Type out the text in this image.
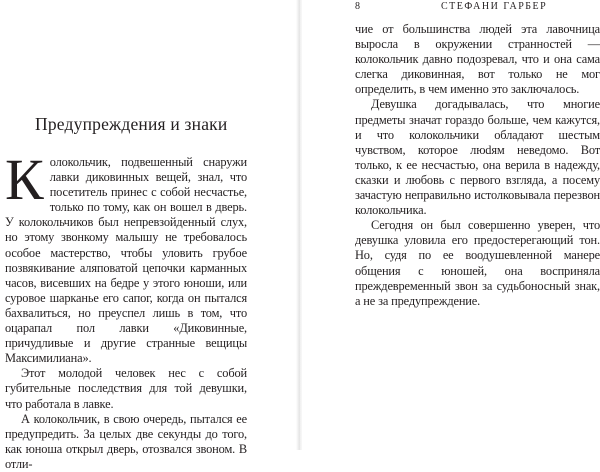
Предупреждения и знаки

Колокольчик, подвешенный снаружи лавки диковинных вещей, знал, что посетитель принес с собой несчастье, только по тому, как он вошел в дверь. У колокольчиков был непревзойденный слух, но этому звонкому малышу не требовалось особое мастерство, чтобы уловить грубое позвякивание аляповатой цепочки карманных часов, висевших на бедре у этого юноши, или суровое шарканье его сапог, когда он пытался бахвалиться, но преуспел лишь в том, что оцарапал пол лавки «Диковинные, причудливые и другие странные вещицы Максимилиана».

Этот молодой человек нес с собой губительные последствия для той девушки, что работала в лавке.

А колокольчик, в свою очередь, пытался ее предупредить. За целых две секунды до того, как юноша открыл дверь, отозвался звоном. В отли-

8	СТЕФАНИ ГАРБЕР

чие от большинства людей эта лавочница выросла в окружении странностей — колокольчик давно подозревал, что и она сама слегка диковинная, вот только не мог определить, в чем именно это заключалось.

Девушка догадывалась, что многие предметы значат гораздо больше, чем кажутся, и что колокольчики обладают шестым чувством, которое люdям неведомо. Вот только, к ее несчастью, она верила в надежду, сказки и любовь с первого взгляда, а посему зачастую неправильно истолковывала перезвон колокольчика.

Сегодня он был совершенно уверен, что девушка уловила его предостерегающий тон. Но, судя по ее воодушевленной манере общения с юношей, она восприняла преждевременный звон за судьбоносный знак, а не за предупреждение.
